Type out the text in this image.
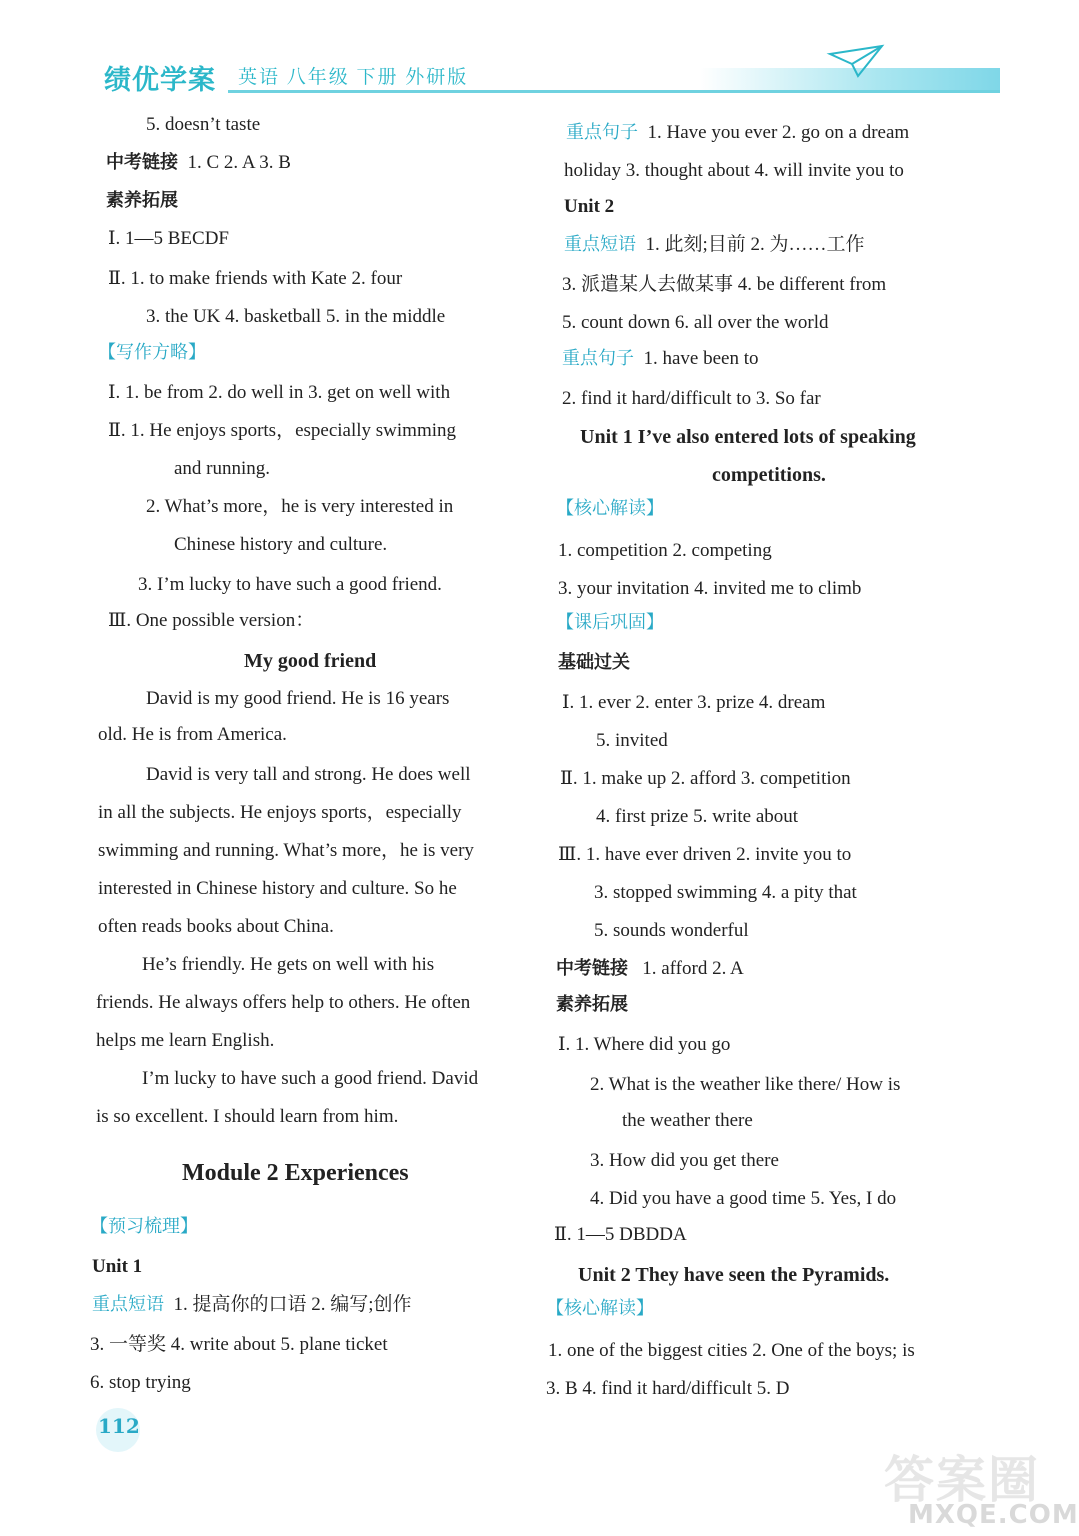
绩优学案 英语 八年级 下册 外研版
5. doesn’t taste
中考链接 1. C 2. A 3. B
素养拓展
Ⅰ. 1—5 BECDF
Ⅱ. 1. to make friends with Kate 2. four
3. the UK 4. basketball 5. in the middle
【写作方略】
Ⅰ. 1. be from 2. do well in 3. get on well with
Ⅱ. 1. He enjoys sports，especially swimming
and running.
2. What’s more，he is very interested in
Chinese history and culture.
3. I’m lucky to have such a good friend.
Ⅲ. One possible version：
My good friend
David is my good friend. He is 16 years
old. He is from America.
David is very tall and strong. He does well
in all the subjects. He enjoys sports，especially
swimming and running. What’s more，he is very
interested in Chinese history and culture. So he
often reads books about China.
He’s friendly. He gets on well with his
friends. He always offers help to others. He often
helps me learn English.
I’m lucky to have such a good friend. David
is so excellent. I should learn from him.
Module 2 Experiences
【预习梳理】
Unit 1
重点短语 1. 提高你的口语 2. 编写;创作
3. 一等奖 4. write about 5. plane ticket
6. stop trying
重点句子 1. Have you ever 2. go on a dream
holiday 3. thought about 4. will invite you to
Unit 2
重点短语 1. 此刻;目前 2. 为……工作
3. 派遣某人去做某事 4. be different from
5. count down 6. all over the world
重点句子 1. have been to
2. find it hard/difficult to 3. So far
Unit 1 I’ve also entered lots of speaking
competitions.
【核心解读】
1. competition 2. competing
3. your invitation 4. invited me to climb
【课后巩固】
基础过关
Ⅰ. 1. ever 2. enter 3. prize 4. dream
5. invited
Ⅱ. 1. make up 2. afford 3. competition
4. first prize 5. write about
Ⅲ. 1. have ever driven 2. invite you to
3. stopped swimming 4. a pity that
5. sounds wonderful
中考链接 1. afford 2. A
素养拓展
Ⅰ. 1. Where did you go
2. What is the weather like there/ How is
the weather there
3. How did you get there
4. Did you have a good time 5. Yes, I do
Ⅱ. 1—5 DBDDA
Unit 2 They have seen the Pyramids.
【核心解读】
1. one of the biggest cities 2. One of the boys; is
3. B 4. find it hard/difficult 5. D
112
答案圈
MXQE.COM
